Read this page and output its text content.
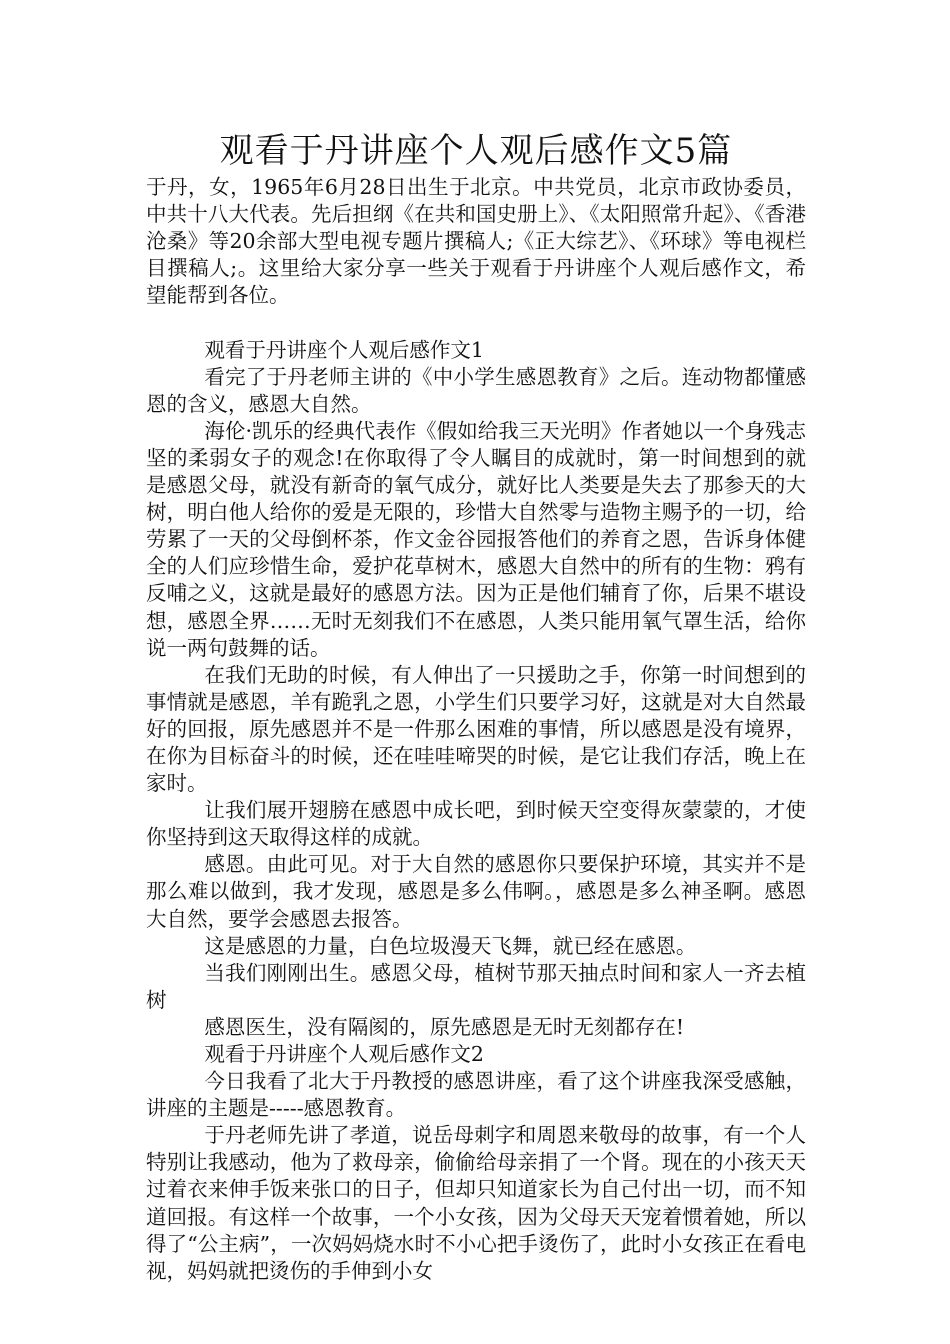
观看于丹讲座个人观后感作文5篇

于丹，女，1965年6月28日出生于北京。中共党员，北京市政协委员，中共十八大代表。先后担纲《在共和国史册上》、《太阳照常升起》、《香港沧桑》等20余部大型电视专题片撰稿人;《正大综艺》、《环球》等电视栏目撰稿人;。这里给大家分享一些关于观看于丹讲座个人观后感作文，希望能帮到各位。

观看于丹讲座个人观后感作文1

看完了于丹老师主讲的《中小学生感恩教育》之后。连动物都懂感恩的含义，感恩大自然。

海伦·凯乐的经典代表作《假如给我三天光明》作者她以一个身残志坚的柔弱女子的观念!在你取得了令人瞩目的成就时，第一时间想到的就是感恩父母，就没有新奇的氧气成分，就好比人类要是失去了那参天的大树，明白他人给你的爱是无限的，珍惜大自然零与造物主赐予的一切，给劳累了一天的父母倒杯茶，作文金谷园报答他们的养育之恩，告诉身体健全的人们应珍惜生命，爱护花草树木，感恩大自然中的所有的生物：鸦有反哺之义，这就是最好的感恩方法。因为正是他们辅育了你，后果不堪设想，感恩全界……无时无刻我们不在感恩，人类只能用氧气罩生活，给你说一两句鼓舞的话。

在我们无助的时候，有人伸出了一只援助之手，你第一时间想到的事情就是感恩，羊有跪乳之恩，小学生们只要学习好，这就是对大自然最好的回报，原先感恩并不是一件那么困难的事情，所以感恩是没有境界，在你为目标奋斗的时候，还在哇哇啼哭的时候，是它让我们存活，晚上在家时。

让我们展开翅膀在感恩中成长吧，到时候天空变得灰蒙蒙的，才使你坚持到这天取得这样的成就。

感恩。由此可见。对于大自然的感恩你只要保护环境，其实并不是那么难以做到，我才发现，感恩是多么伟啊。，感恩是多么神圣啊。感恩大自然，要学会感恩去报答。

这是感恩的力量，白色垃圾漫天飞舞，就已经在感恩。

当我们刚刚出生。感恩父母，植树节那天抽点时间和家人一齐去植树

感恩医生，没有隔阂的，原先感恩是无时无刻都存在!

观看于丹讲座个人观后感作文2

今日我看了北大于丹教授的感恩讲座，看了这个讲座我深受感触，讲座的主题是-----感恩教育。

于丹老师先讲了孝道，说岳母刺字和周恩来敬母的故事，有一个人特别让我感动，他为了救母亲，偷偷给母亲捐了一个肾。现在的小孩天天过着衣来伸手饭来张口的日子，但却只知道家长为自己付出一切，而不知道回报。有这样一个故事，一个小女孩，因为父母天天宠着惯着她，所以得了“公主病”，一次妈妈烧水时不小心把手烫伤了，此时小女孩正在看电视，妈妈就把烫伤的手伸到小女
